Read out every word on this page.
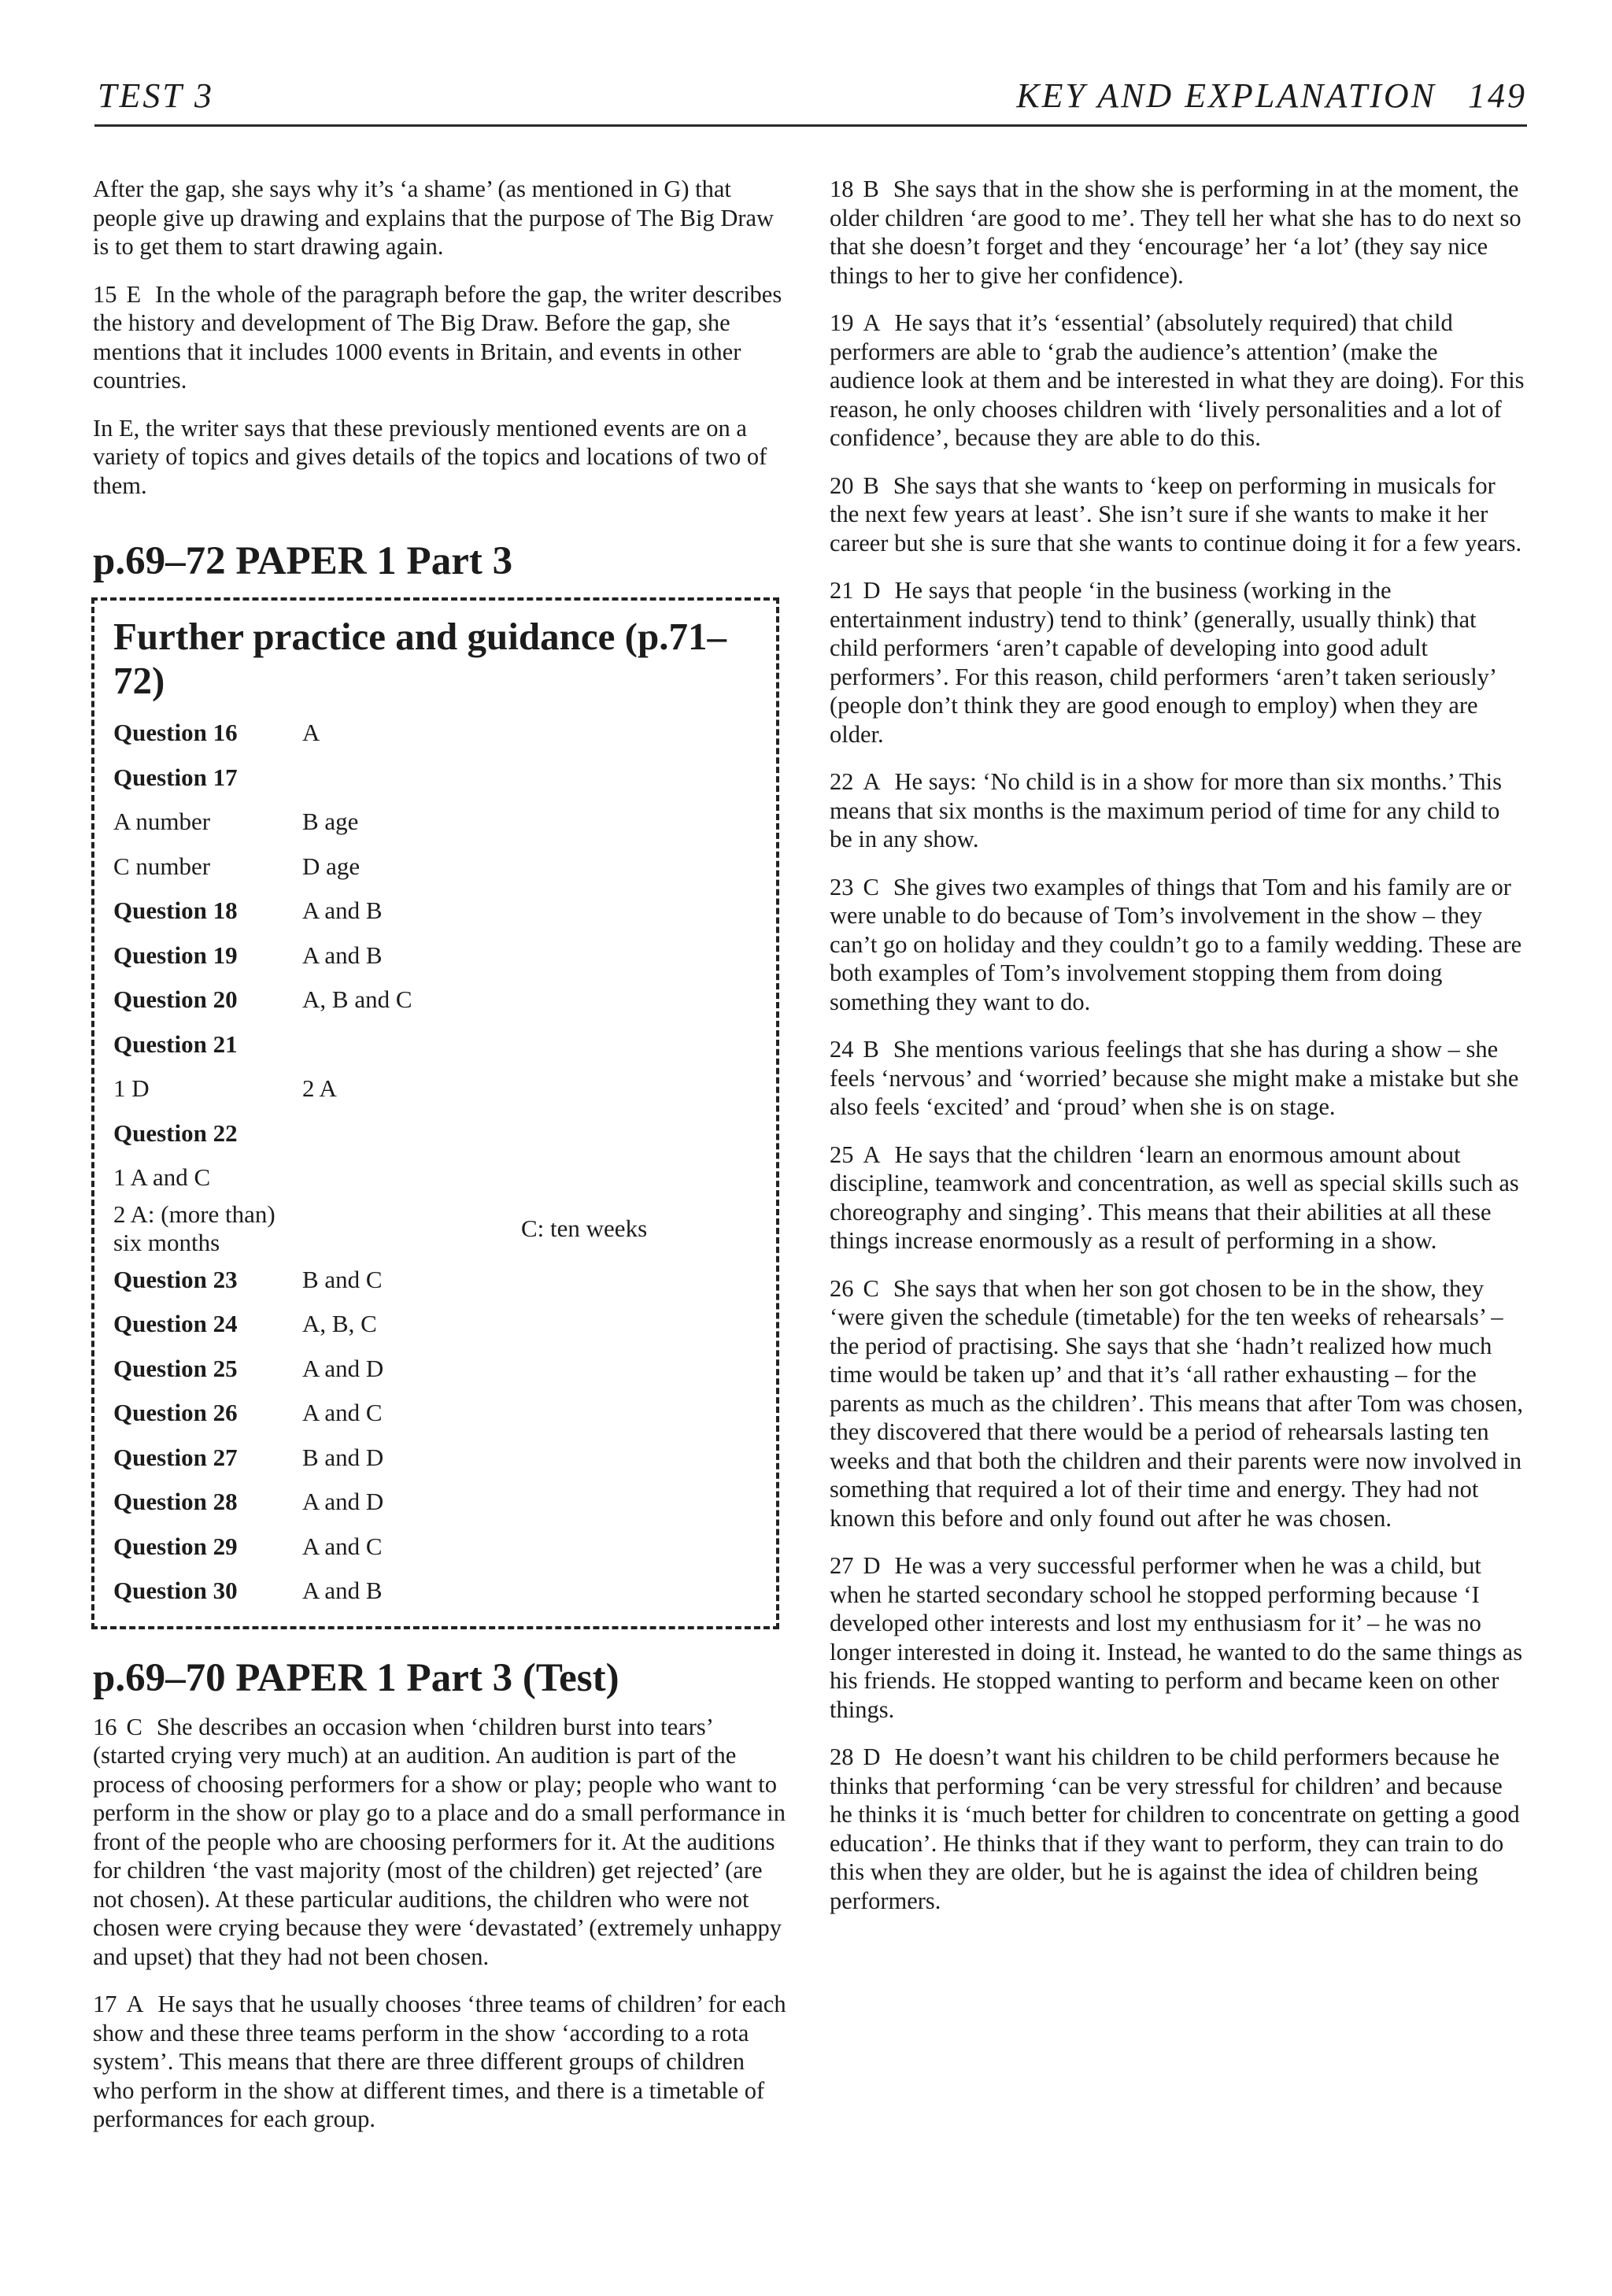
TEST 3	KEY AND EXPLANATION 149

After the gap, she says why it’s ‘a shame’ (as mentioned in G) that people give up drawing and explains that the purpose of The Big Draw is to get them to start drawing again.

15 E In the whole of the paragraph before the gap, the writer describes the history and development of The Big Draw. Before the gap, she mentions that it includes 1000 events in Britain, and events in other countries.

In E, the writer says that these previously mentioned events are on a variety of topics and gives details of the topics and locations of two of them.

p.69–72 PAPER 1 Part 3
Further practice and guidance (p.71–72)
Question 16	A	
Question 17		
A number	B age	
C number	D age	
Question 18	A and B	
Question 19	A and B	
Question 20	A, B and C	
Question 21		
1 D	2 A	
Question 22		
1 A and C		
2 A: (more than) six months		C: ten weeks
Question 23	B and C	
Question 24	A, B, C	
Question 25	A and D	
Question 26	A and C	
Question 27	B and D	
Question 28	A and D	
Question 29	A and C	
Question 30	A and B	
p.69–70 PAPER 1 Part 3 (Test)

16 C She describes an occasion when ‘children burst into tears’ (started crying very much) at an audition. An audition is part of the process of choosing performers for a show or play; people who want to perform in the show or play go to a place and do a small performance in front of the people who are choosing performers for it. At the auditions for children ‘the vast majority (most of the children) get rejected’ (are not chosen). At these particular auditions, the children who were not chosen were crying because they were ‘devastated’ (extremely unhappy and upset) that they had not been chosen.

17 A He says that he usually chooses ‘three teams of children’ for each show and these three teams perform in the show ‘according to a rota system’. This means that there are three different groups of children who perform in the show at different times, and there is a timetable of performances for each group.

18 B She says that in the show she is performing in at the moment, the older children ‘are good to me’. They tell her what she has to do next so that she doesn’t forget and they ‘encourage’ her ‘a lot’ (they say nice things to her to give her confidence).

19 A He says that it’s ‘essential’ (absolutely required) that child performers are able to ‘grab the audience’s attention’ (make the audience look at them and be interested in what they are doing). For this reason, he only chooses children with ‘lively personalities and a lot of confidence’, because they are able to do this.

20 B She says that she wants to ‘keep on performing in musicals for the next few years at least’. She isn’t sure if she wants to make it her career but she is sure that she wants to continue doing it for a few years.

21 D He says that people ‘in the business (working in the entertainment industry) tend to think’ (generally, usually think) that child performers ‘aren’t capable of developing into good adult performers’. For this reason, child performers ‘aren’t taken seriously’ (people don’t think they are good enough to employ) when they are older.

22 A He says: ‘No child is in a show for more than six months.’ This means that six months is the maximum period of time for any child to be in any show.

23 C She gives two examples of things that Tom and his family are or were unable to do because of Tom’s involvement in the show – they can’t go on holiday and they couldn’t go to a family wedding. These are both examples of Tom’s involvement stopping them from doing something they want to do.

24 B She mentions various feelings that she has during a show – she feels ‘nervous’ and ‘worried’ because she might make a mistake but she also feels ‘excited’ and ‘proud’ when she is on stage.

25 A He says that the children ‘learn an enormous amount about discipline, teamwork and concentration, as well as special skills such as choreography and singing’. This means that their abilities at all these things increase enormously as a result of performing in a show.

26 C She says that when her son got chosen to be in the show, they ‘were given the schedule (timetable) for the ten weeks of rehearsals’ – the period of practising. She says that she ‘hadn’t realized how much time would be taken up’ and that it’s ‘all rather exhausting – for the parents as much as the children’. This means that after Tom was chosen, they discovered that there would be a period of rehearsals lasting ten weeks and that both the children and their parents were now involved in something that required a lot of their time and energy. They had not known this before and only found out after he was chosen.

27 D He was a very successful performer when he was a child, but when he started secondary school he stopped performing because ‘I developed other interests and lost my enthusiasm for it’ – he was no longer interested in doing it. Instead, he wanted to do the same things as his friends. He stopped wanting to perform and became keen on other things.

28 D He doesn’t want his children to be child performers because he thinks that performing ‘can be very stressful for children’ and because he thinks it is ‘much better for children to concentrate on getting a good education’. He thinks that if they want to perform, they can train to do this when they are older, but he is against the idea of children being performers.
